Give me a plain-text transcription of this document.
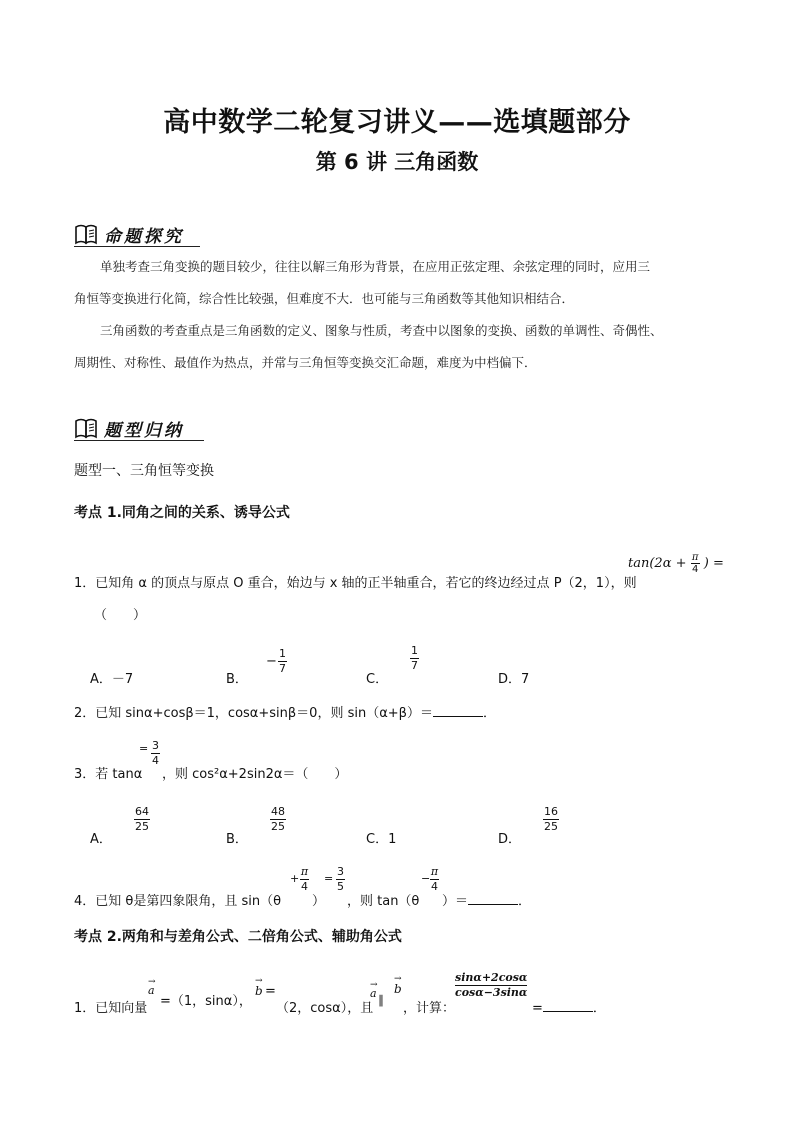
高中数学二轮复习讲义——选填题部分
第 6 讲 三角函数
命题探究
单独考查三角变换的题目较少，往往以解三角形为背景，在应用正弦定理、余弦定理的同时，应用三
角恒等变换进行化简，综合性比较强，但难度不大．也可能与三角函数等其他知识相结合．
三角函数的考查重点是三角函数的定义、图象与性质，考查中以图象的变换、函数的单调性、奇偶性、
周期性、对称性、最值作为热点，并常与三角恒等变换交汇命题，难度为中档偏下．
题型归纳
题型一、三角恒等变换
考点 1.同角之间的关系、诱导公式
$\tan(2\alpha + \frac{\pi}{4}$ ) =
1．已知角 α 的顶点与原点 O 重合，始边与 x 轴的正半轴重合，若它的终边经过点 P（2，1），则
（　　）
A．－7	B．
−
1
7
C．
1
7
D．7
2．已知 sinα+cosβ＝1，cosα+sinβ＝0，则 sin（α+β）＝	．
3．若 tanα
= 3
4
，则 cos²α+2sin2α＝（　　）
A．
64
25
B．
48
25
C．1	D．
16
25
4．已知 θ是第四象限角，且 sin（θ
+
π
4
）
=
3
5
，则 tan（θ
−
π
4
）＝	．
考点 2.两角和与差角公式、二倍角公式、辅助角公式
1．已知向量
→
a
=（1，sinα），
→
b =
（2，cosα），且
→
a ∥
→
b
，计算：
sinα+2cosα
cosα−3sinα
=	．
